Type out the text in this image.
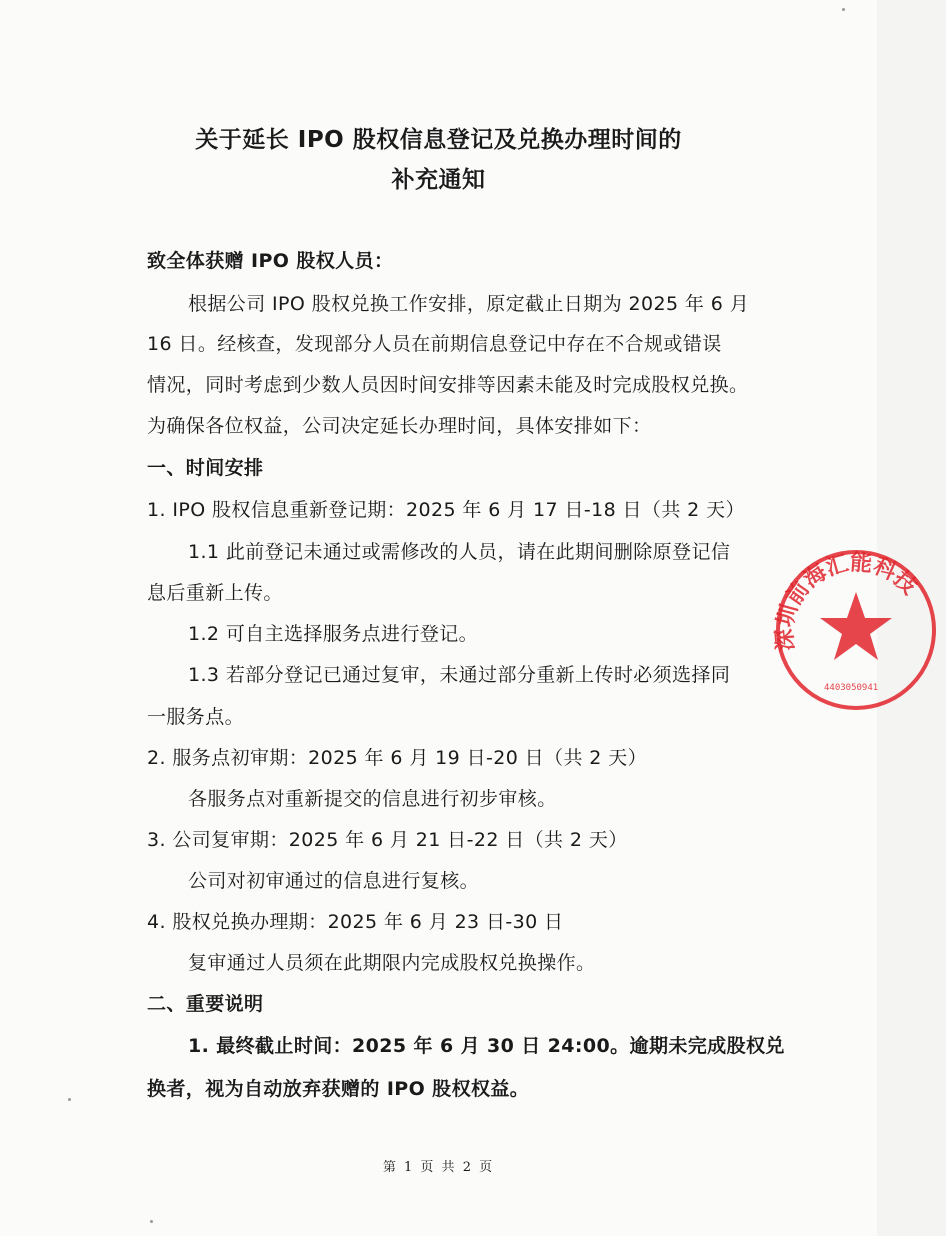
关于延长 IPO 股权信息登记及兑换办理时间的
补充通知
致全体获赠 IPO 股权人员：
根据公司 IPO 股权兑换工作安排，原定截止日期为 2025 年 6 月
16 日。经核查，发现部分人员在前期信息登记中存在不合规或错误
情况，同时考虑到少数人员因时间安排等因素未能及时完成股权兑换。
为确保各位权益，公司决定延长办理时间，具体安排如下：
一、时间安排
1. IPO 股权信息重新登记期：2025 年 6 月 17 日-18 日（共 2 天）
1.1 此前登记未通过或需修改的人员，请在此期间删除原登记信
息后重新上传。
1.2 可自主选择服务点进行登记。
1.3 若部分登记已通过复审，未通过部分重新上传时必须选择同
一服务点。
2. 服务点初审期：2025 年 6 月 19 日-20 日（共 2 天）
各服务点对重新提交的信息进行初步审核。
3. 公司复审期：2025 年 6 月 21 日-22 日（共 2 天）
公司对初审通过的信息进行复核。
4. 股权兑换办理期：2025 年 6 月 23 日-30 日
复审通过人员须在此期限内完成股权兑换操作。
二、重要说明
1. 最终截止时间：2025 年 6 月 30 日 24:00。逾期未完成股权兑
换者，视为自动放弃获赠的 IPO 股权权益。
第 1 页 共 2 页
深圳前海汇能科技
4403050941
